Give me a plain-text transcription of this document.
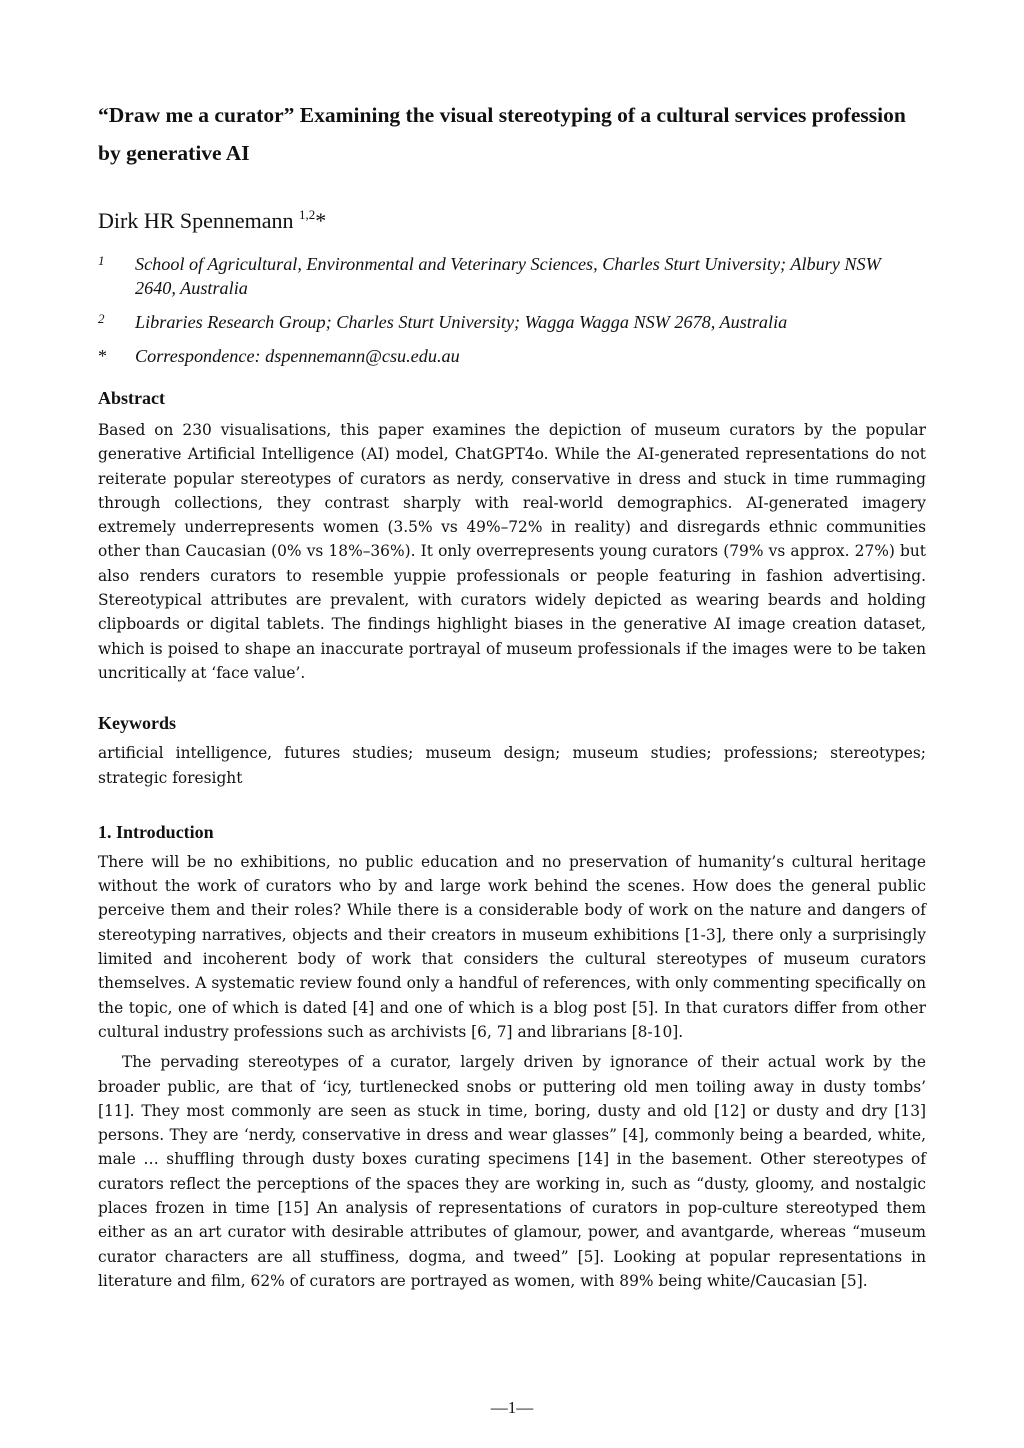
“Draw me a curator” Examining the visual stereotyping of a cultural services profession by generative AI
Dirk HR Spennemann $^{1,2}$*
1	School of Agricultural, Environmental and Veterinary Sciences, Charles Sturt University; Albury NSW 2640, Australia
2	Libraries Research Group; Charles Sturt University; Wagga Wagga NSW 2678, Australia
*	Correspondence: dspennemann@csu.edu.au
Abstract

Based on 230 visualisations, this paper examines the depiction of museum curators by the popular generative Artificial Intelligence (AI) model, ChatGPT4o. While the AI-generated representations do not reiterate popular stereotypes of curators as nerdy, conservative in dress and stuck in time rummaging through collections, they contrast sharply with real-world demographics. AI-generated imagery extremely underrepresents women (3.5% vs 49%–72% in reality) and disregards ethnic communities other than Caucasian (0% vs 18%–36%). It only overrepresents young curators (79% vs approx. 27%) but also renders curators to resemble yuppie professionals or people featuring in fashion advertising. Stereotypical attributes are prevalent, with curators widely depicted as wearing beards and holding clipboards or digital tablets. The findings highlight biases in the generative AI image creation dataset, which is poised to shape an inaccurate portrayal of museum professionals if the images were to be taken uncritically at ‘face value’.

Keywords

artificial intelligence, futures studies; museum design; museum studies; professions; stereotypes; strategic foresight

1. Introduction

There will be no exhibitions, no public education and no preservation of humanity’s cultural heritage without the work of curators who by and large work behind the scenes. How does the general public perceive them and their roles? While there is a considerable body of work on the nature and dangers of stereotyping narratives, objects and their creators in museum exhibitions [1-3], there only a surprisingly limited and incoherent body of work that considers the cultural stereotypes of museum curators themselves. A systematic review found only a handful of references, with only commenting specifically on the topic, one of which is dated [4] and one of which is a blog post [5]. In that curators differ from other cultural industry professions such as archivists [6, 7] and librarians [8-10].

The pervading stereotypes of a curator, largely driven by ignorance of their actual work by the broader public, are that of ‘icy, turtlenecked snobs or puttering old men toiling away in dusty tombs’ [11]. They most commonly are seen as stuck in time, boring, dusty and old [12] or dusty and dry [13] persons. They are ‘nerdy, conservative in dress and wear glasses” [4], commonly being a bearded, white, male … shuffling through dusty boxes curating specimens [14] in the basement. Other stereotypes of curators reflect the perceptions of the spaces they are working in, such as “dusty, gloomy, and nostalgic places frozen in time [15] An analysis of representations of curators in pop-culture stereotyped them either as an art curator with desirable attributes of glamour, power, and avantgarde, whereas “museum curator characters are all stuffiness, dogma, and tweed” [5]. Looking at popular representations in literature and film, 62% of curators are portrayed as women, with 89% being white/Caucasian [5].

—1—
